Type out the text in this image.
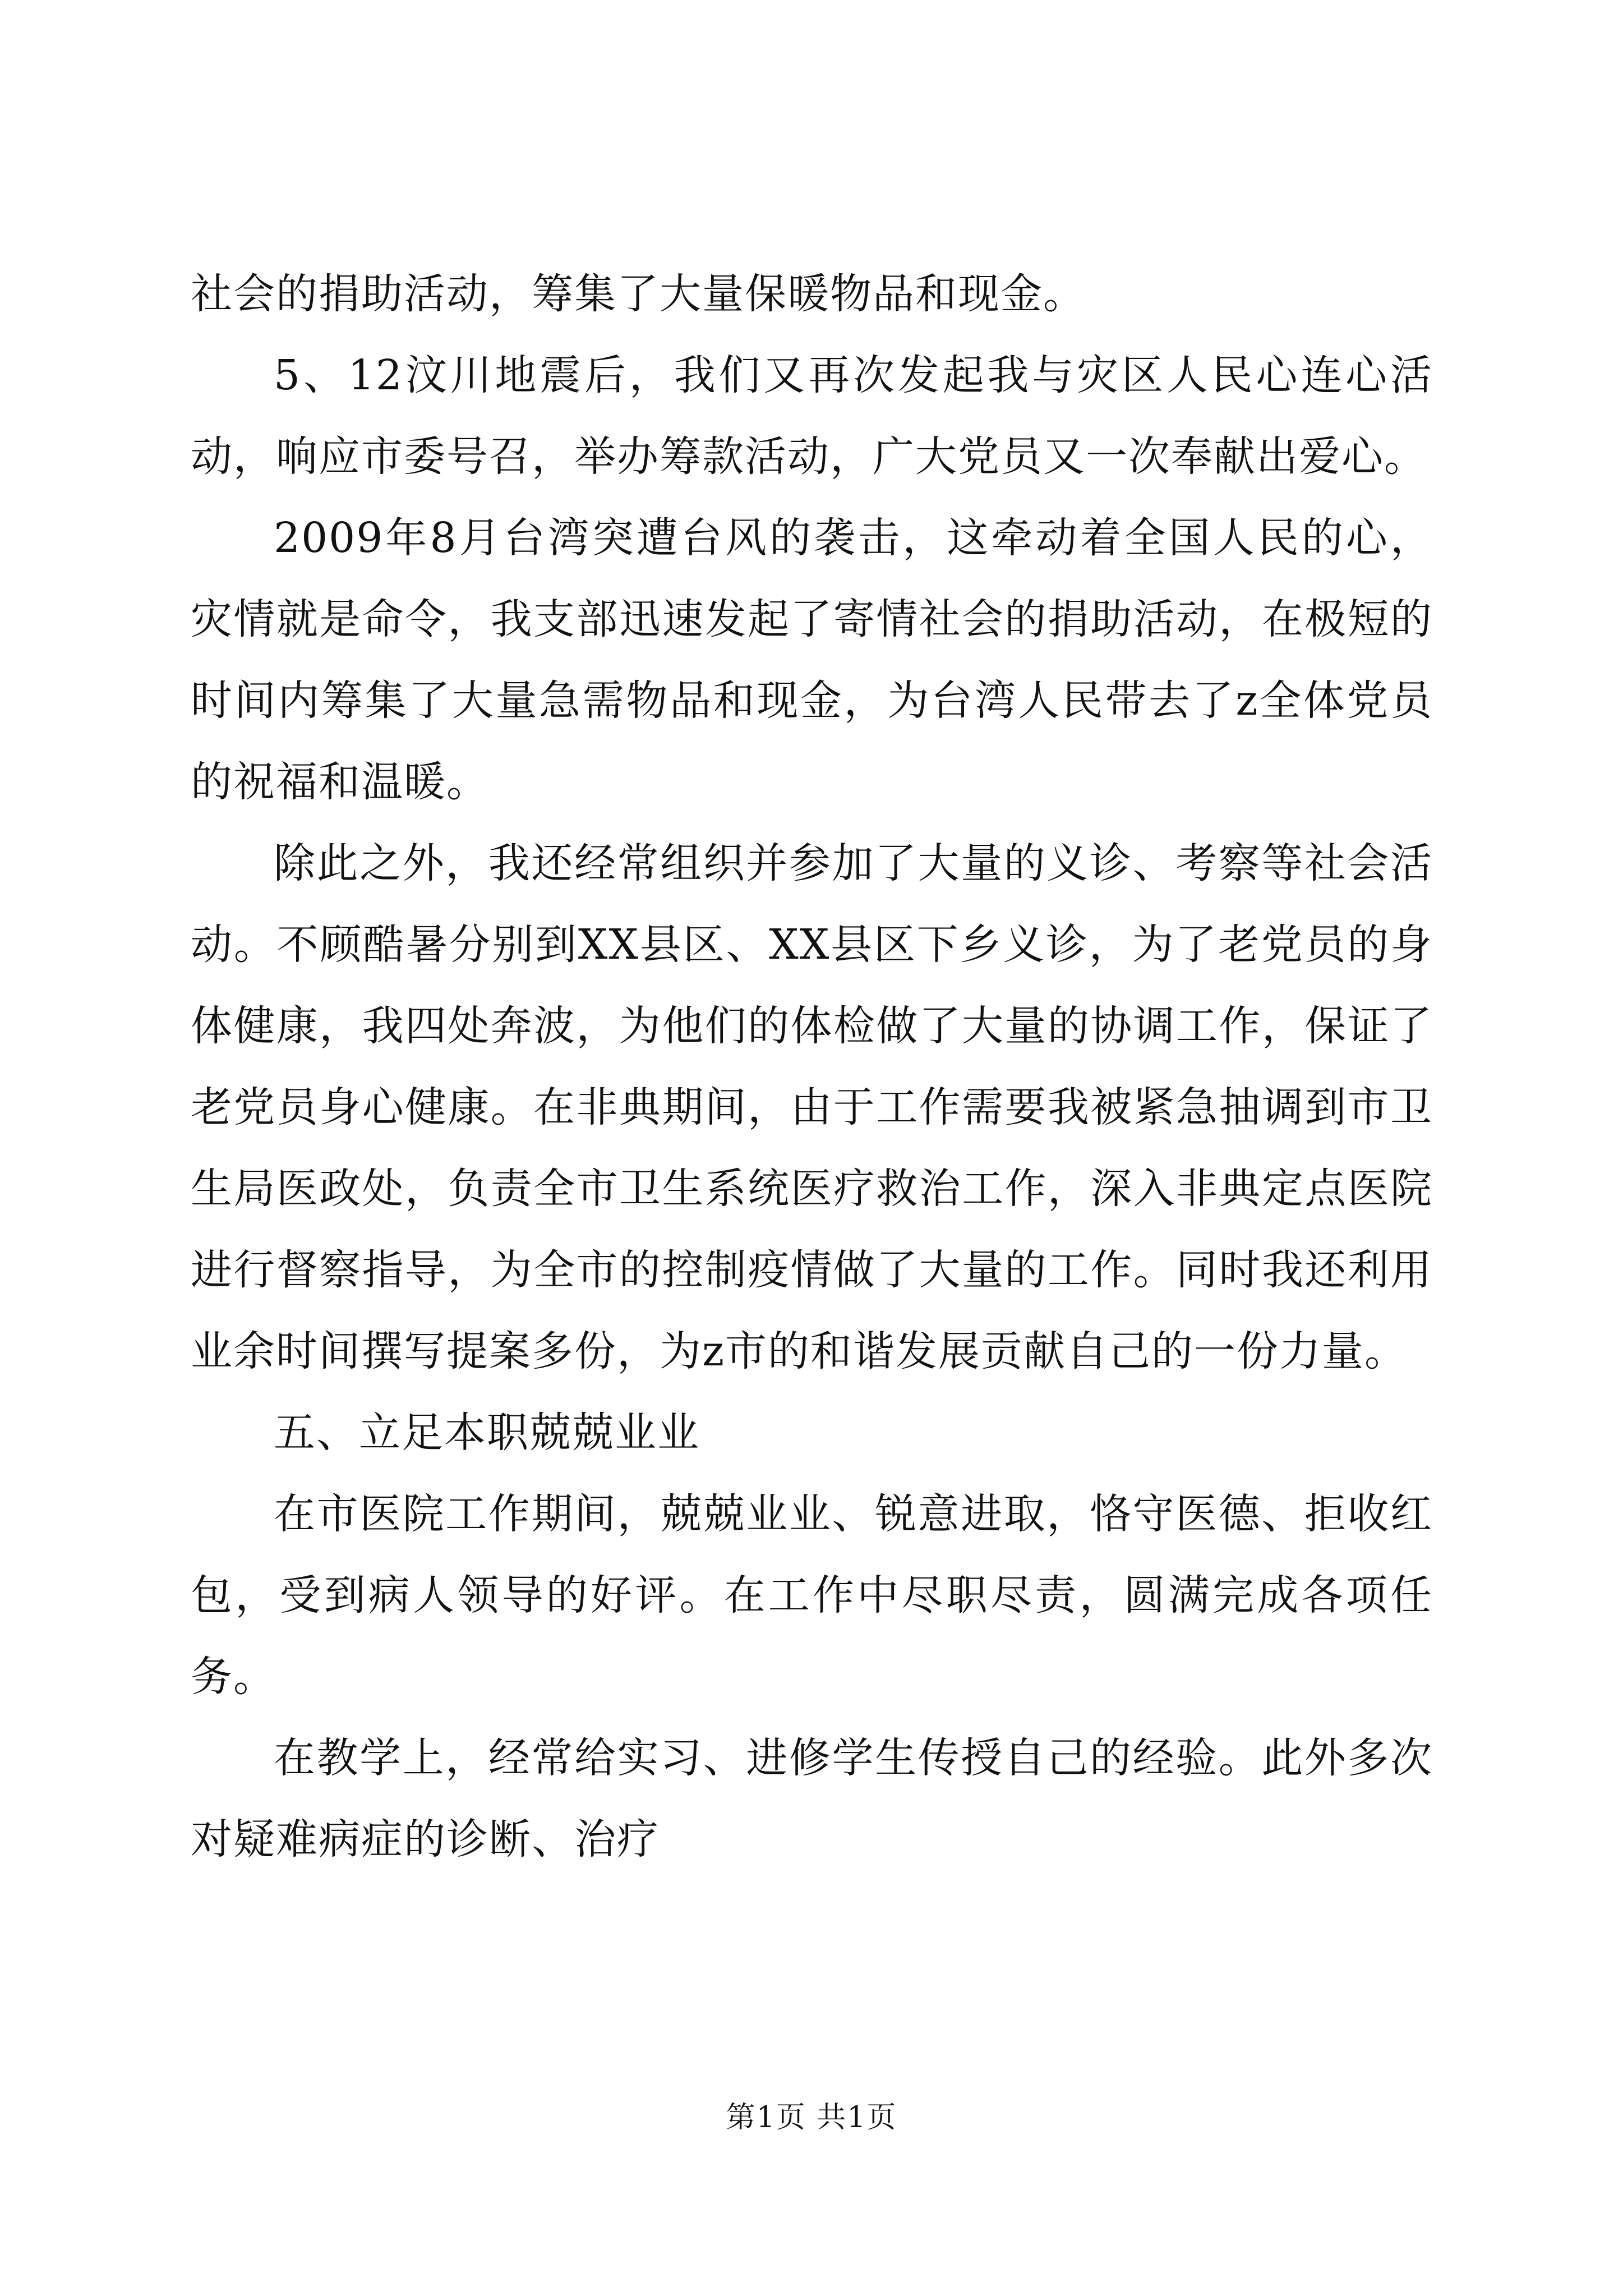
社会的捐助活动，筹集了大量保暖物品和现金。

5、12汶川地震后，我们又再次发起我与灾区人民心连心活动，响应市委号召，举办筹款活动，广大党员又一次奉献出爱心。

2009年8月台湾突遭台风的袭击，这牵动着全国人民的心，灾情就是命令，我支部迅速发起了寄情社会的捐助活动，在极短的时间内筹集了大量急需物品和现金，为台湾人民带去了z全体党员的祝福和温暖。

除此之外，我还经常组织并参加了大量的义诊、考察等社会活动。不顾酷暑分别到XX县区、XX县区下乡义诊，为了老党员的身体健康，我四处奔波，为他们的体检做了大量的协调工作，保证了老党员身心健康。在非典期间，由于工作需要我被紧急抽调到市卫生局医政处，负责全市卫生系统医疗救治工作，深入非典定点医院进行督察指导，为全市的控制疫情做了大量的工作。同时我还利用业余时间撰写提案多份，为z市的和谐发展贡献自己的一份力量。

五、立足本职兢兢业业

在市医院工作期间，兢兢业业、锐意进取，恪守医德、拒收红包，受到病人领导的好评。在工作中尽职尽责，圆满完成各项任务。

在教学上，经常给实习、进修学生传授自己的经验。此外多次对疑难病症的诊断、治疗

第1页 共1页
